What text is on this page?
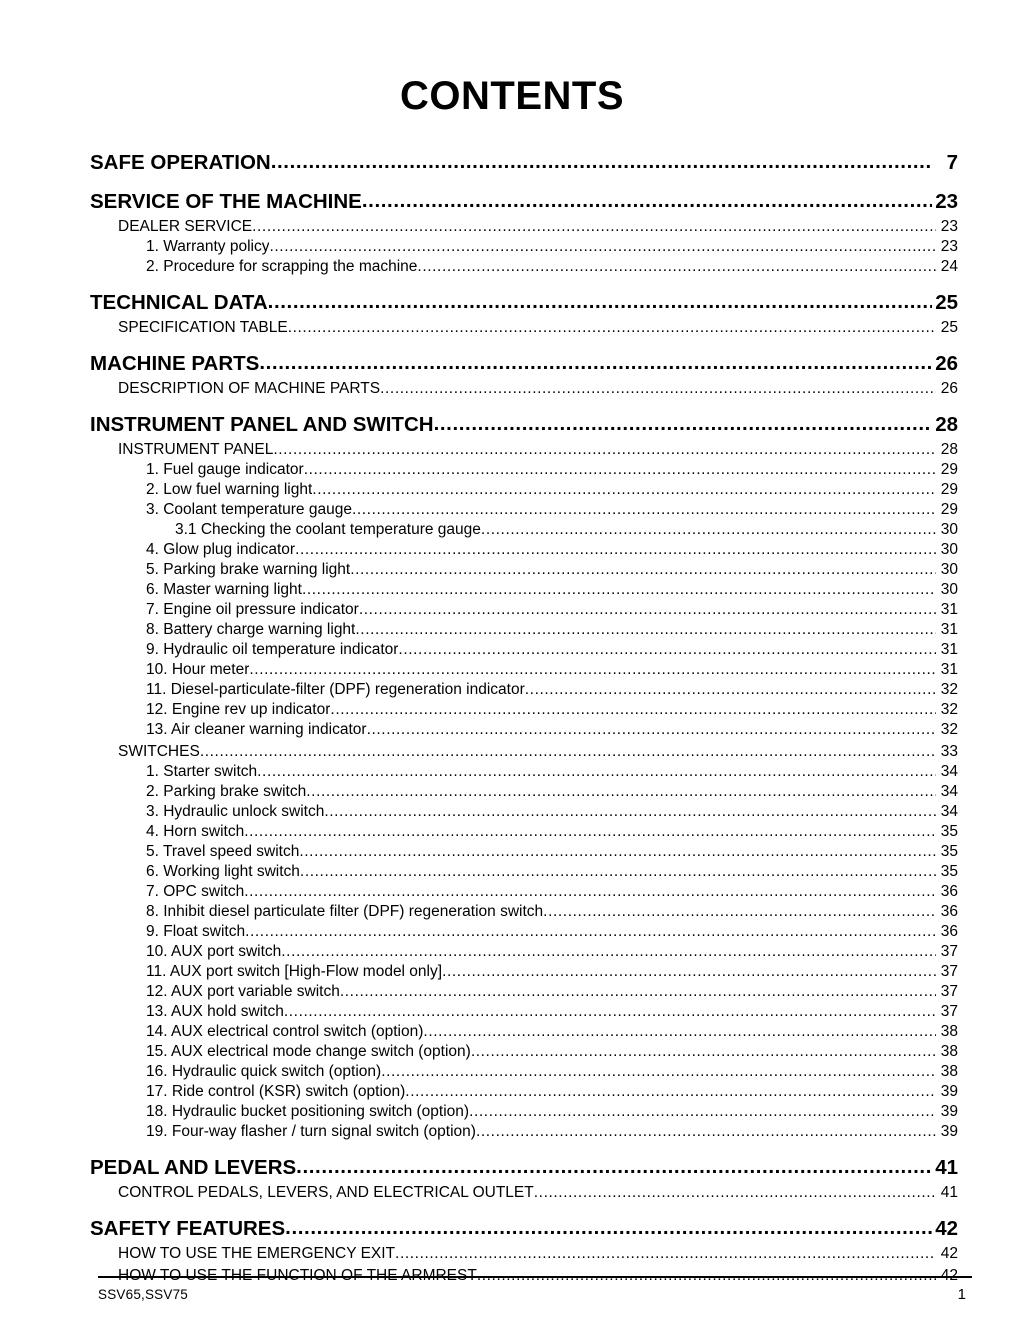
CONTENTS
SAFE OPERATION .....	7
SERVICE OF THE MACHINE .....	23
DEALER SERVICE .....	23
1. Warranty policy .....	23
2. Procedure for scrapping the machine .....	24
TECHNICAL DATA .....	25
SPECIFICATION TABLE .....	25
MACHINE PARTS .....	26
DESCRIPTION OF MACHINE PARTS .....	26
INSTRUMENT PANEL AND SWITCH .....	28
INSTRUMENT PANEL .....	28
1. Fuel gauge indicator .....	29
2. Low fuel warning light .....	29
3. Coolant temperature gauge .....	29
3.1 Checking the coolant temperature gauge .....	30
4. Glow plug indicator .....	30
5. Parking brake warning light .....	30
6. Master warning light .....	30
7. Engine oil pressure indicator .....	31
8. Battery charge warning light .....	31
9. Hydraulic oil temperature indicator .....	31
10. Hour meter .....	31
11. Diesel-particulate-filter (DPF) regeneration indicator .....	32
12. Engine rev up indicator .....	32
13. Air cleaner warning indicator .....	32
SWITCHES .....	33
1. Starter switch .....	34
2. Parking brake switch .....	34
3. Hydraulic unlock switch .....	34
4. Horn switch .....	35
5. Travel speed switch .....	35
6. Working light switch .....	35
7. OPC switch .....	36
8. Inhibit diesel particulate filter (DPF) regeneration switch .....	36
9. Float switch .....	36
10. AUX port switch .....	37
11. AUX port switch [High-Flow model only] .....	37
12. AUX port variable switch .....	37
13. AUX hold switch .....	37
14. AUX electrical control switch (option) .....	38
15. AUX electrical mode change switch (option) .....	38
16. Hydraulic quick switch (option) .....	38
17. Ride control (KSR) switch (option) .....	39
18. Hydraulic bucket positioning switch (option) .....	39
19. Four-way flasher / turn signal switch (option) .....	39
PEDAL AND LEVERS .....	41
CONTROL PEDALS, LEVERS, AND ELECTRICAL OUTLET .....	41
SAFETY FEATURES .....	42
HOW TO USE THE EMERGENCY EXIT .....	42
HOW TO USE THE FUNCTION OF THE ARMREST .....	42
SSV65,SSV75	1
